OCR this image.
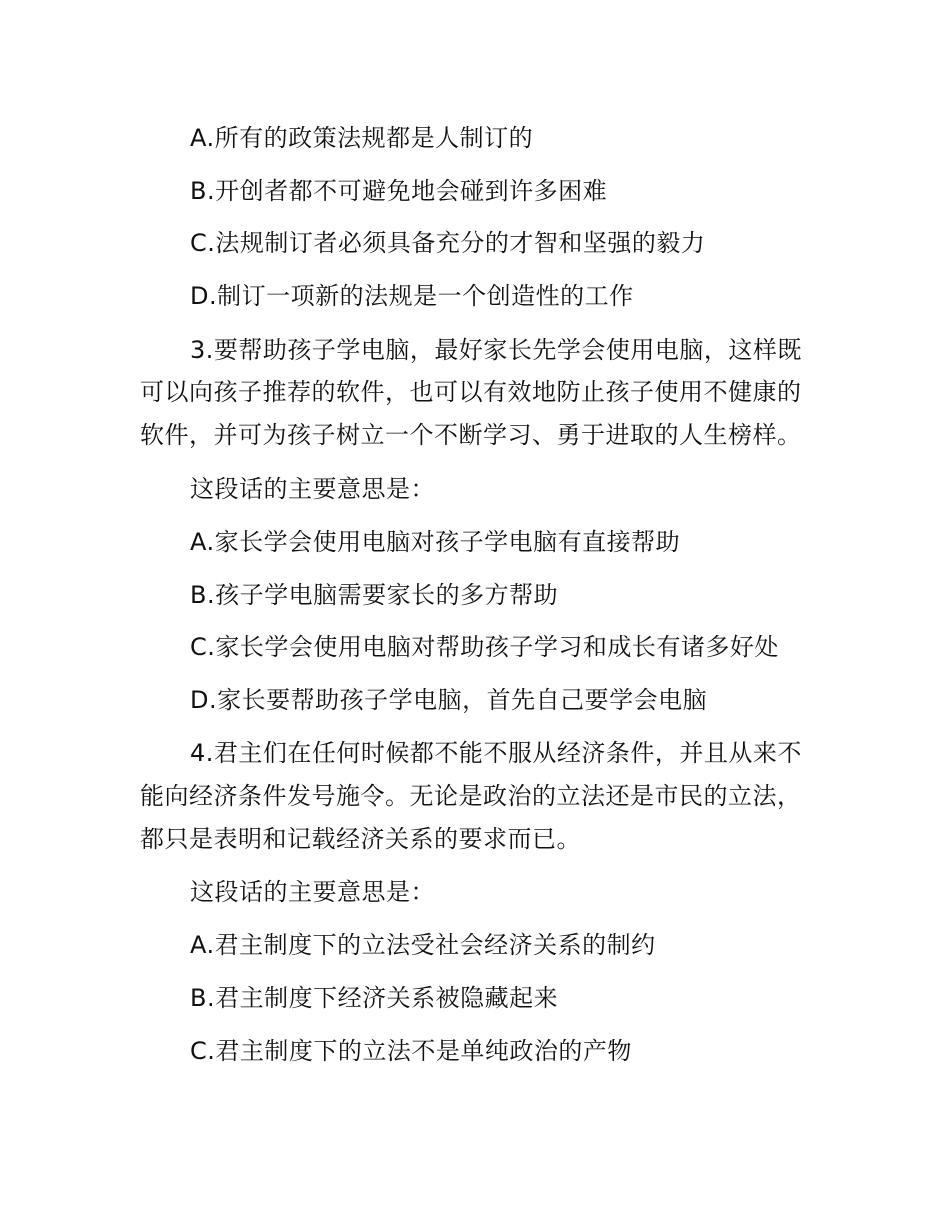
A.所有的政策法规都是人制订的
B.开创者都不可避免地会碰到许多困难
C.法规制订者必须具备充分的才智和坚强的毅力
D.制订一项新的法规是一个创造性的工作
3.要帮助孩子学电脑，最好家长先学会使用电脑，这样既
可以向孩子推荐的软件，也可以有效地防止孩子使用不健康的
软件，并可为孩子树立一个不断学习、勇于进取的人生榜样。
这段话的主要意思是：
A.家长学会使用电脑对孩子学电脑有直接帮助
B.孩子学电脑需要家长的多方帮助
C.家长学会使用电脑对帮助孩子学习和成长有诸多好处
D.家长要帮助孩子学电脑，首先自己要学会电脑
4.君主们在任何时候都不能不服从经济条件，并且从来不
能向经济条件发号施令。无论是政治的立法还是市民的立法，
都只是表明和记载经济关系的要求而已。
这段话的主要意思是：
A.君主制度下的立法受社会经济关系的制约
B.君主制度下经济关系被隐藏起来
C.君主制度下的立法不是单纯政治的产物
